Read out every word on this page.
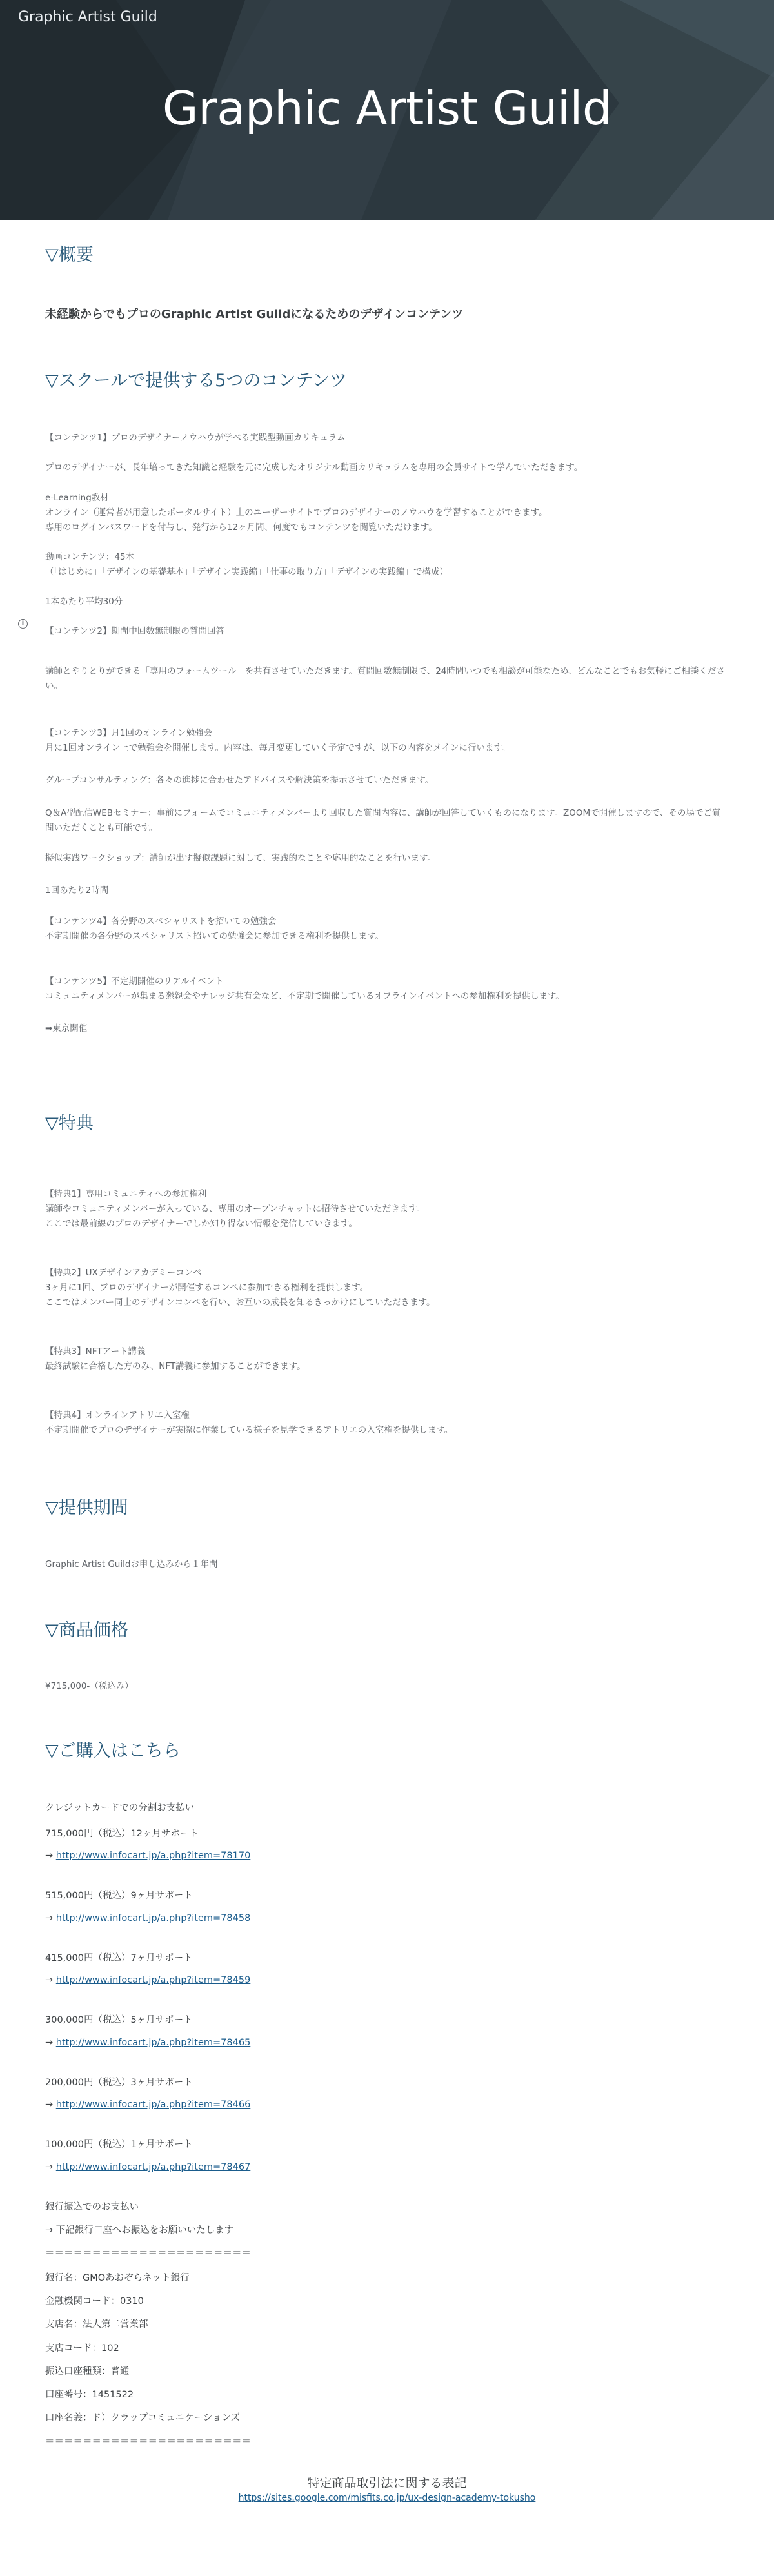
Graphic Artist Guild
Graphic Artist Guild
i
▽概要
未経験からでもプロのGraphic Artist Guildになるためのデザインコンテンツ
▽スクールで提供する5つのコンテンツ
【コンテンツ1】プロのデザイナーノウハウが学べる実践型動画カリキュラム
プロのデザイナーが、長年培ってきた知識と経験を元に完成したオリジナル動画カリキュラムを専用の会員サイトで学んでいただきます。
e-Learning教材
オンライン（運営者が用意したポータルサイト）上のユーザーサイトでプロのデザイナーのノウハウを学習することができます。
専用のログインパスワードを付与し、発行から12ヶ月間、何度でもコンテンツを閲覧いただけます。
動画コンテンツ：45本
（「はじめに」「デザインの基礎基本」「デザイン実践編」「仕事の取り方」「デザインの実践編」で構成）
1本あたり平均30分
【コンテンツ2】期間中回数無制限の質問回答
講師とやりとりができる「専用のフォームツール」を共有させていただきます。質問回数無制限で、24時間いつでも相談が可能なため、どんなことでもお気軽にご相談ください。
【コンテンツ3】月1回のオンライン勉強会
月に1回オンライン上で勉強会を開催します。内容は、毎月変更していく予定ですが、以下の内容をメインに行います。
グループコンサルティング：各々の進捗に合わせたアドバイスや解決策を提示させていただきます。
Q＆A型配信WEBセミナー：事前にフォームでコミュニティメンバーより回収した質問内容に、講師が回答していくものになります。ZOOMで開催しますので、その場でご質問いただくことも可能です。
擬似実践ワークショップ：講師が出す擬似課題に対して、実践的なことや応用的なことを行います。
1回あたり2時間
【コンテンツ4】各分野のスペシャリストを招いての勉強会
不定期開催の各分野のスペシャリスト招いての勉強会に参加できる権利を提供します。
【コンテンツ5】不定期開催のリアルイベント
コミュニティメンバーが集まる懇親会やナレッジ共有会など、不定期で開催しているオフラインイベントへの参加権利を提供します。
➡東京開催
▽特典
【特典1】専用コミュニティへの参加権利
講師やコミュニティメンバーが入っている、専用のオープンチャットに招待させていただきます。
ここでは最前線のプロのデザイナーでしか知り得ない情報を発信していきます。
【特典2】UXデザインアカデミーコンペ
3ヶ月に1回、プロのデザイナーが開催するコンペに参加できる権利を提供します。
ここではメンバー同士のデザインコンペを行い、お互いの成長を知るきっかけにしていただきます。
【特典3】NFTアート講義
最終試験に合格した方のみ、NFT講義に参加することができます。
【特典4】オンラインアトリエ入室権
不定期開催でプロのデザイナーが実際に作業している様子を見学できるアトリエの入室権を提供します。
▽提供期間
Graphic Artist Guildお申し込みから１年間
▽商品価格
¥715,000-（税込み）
▽ご購入はこちら
クレジットカードでの分割お支払い
715,000円（税込）12ヶ月サポート
→ http://www.infocart.jp/a.php?item=78170
515,000円（税込）9ヶ月サポート
→ http://www.infocart.jp/a.php?item=78458
415,000円（税込）7ヶ月サポート
→ http://www.infocart.jp/a.php?item=78459
300,000円（税込）5ヶ月サポート
→ http://www.infocart.jp/a.php?item=78465
200,000円（税込）3ヶ月サポート
→ http://www.infocart.jp/a.php?item=78466
100,000円（税込）1ヶ月サポート
→ http://www.infocart.jp/a.php?item=78467
銀行振込でのお支払い
→ 下記銀行口座へお振込をお願いいたします
＝＝＝＝＝＝＝＝＝＝＝＝＝＝＝＝＝＝＝＝＝＝
銀行名：GMOあおぞらネット銀行
金融機関コード：0310
支店名：法人第二営業部
支店コード：102
振込口座種類：普通
口座番号：1451522
口座名義：ド）クラップコミュニケーションズ
＝＝＝＝＝＝＝＝＝＝＝＝＝＝＝＝＝＝＝＝＝＝
特定商品取引法に関する表記
https://sites.google.com/misfits.co.jp/ux-design-academy-tokusho
